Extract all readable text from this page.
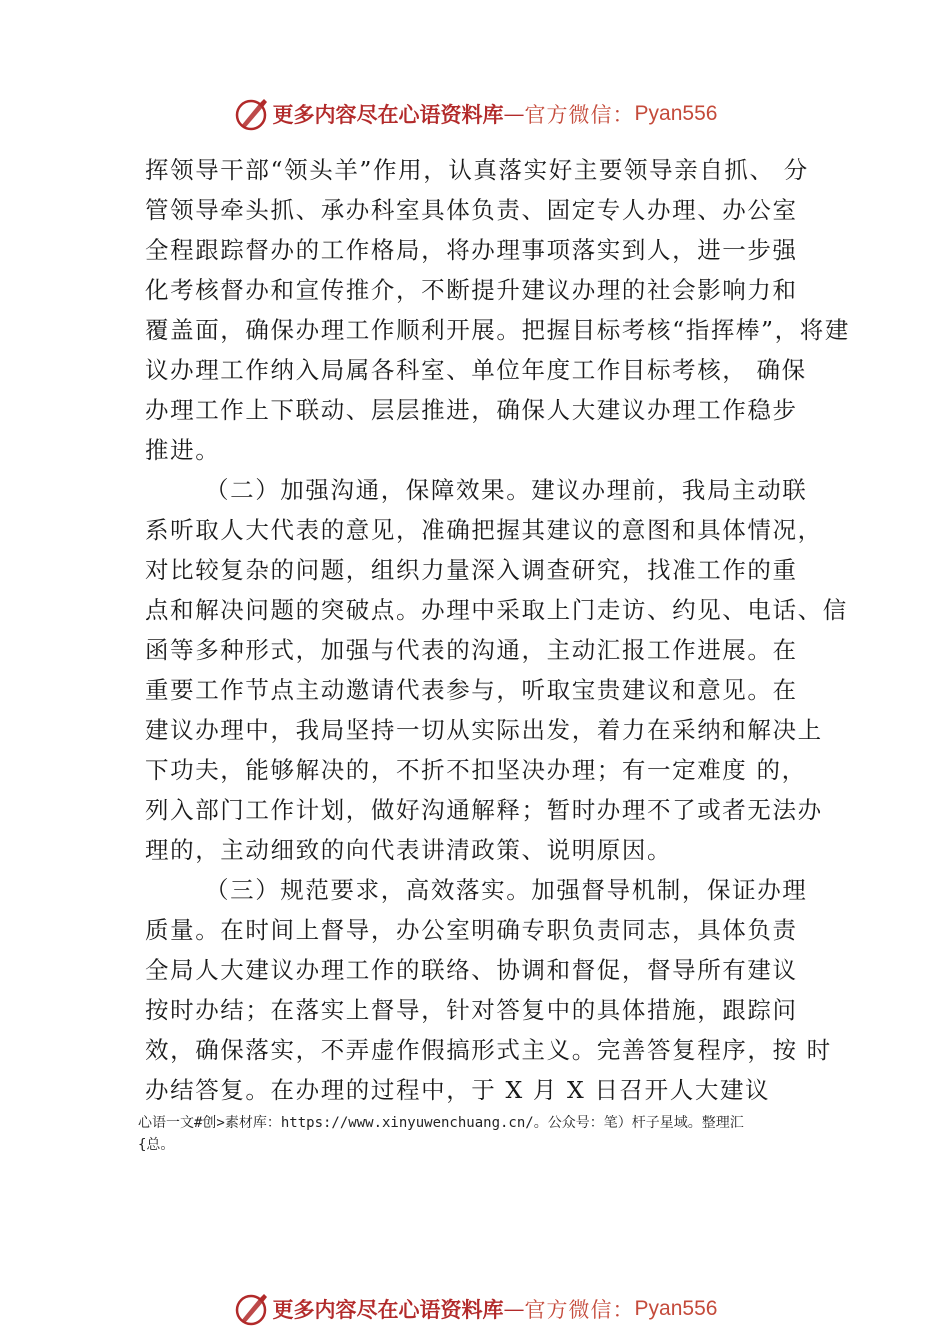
更多内容尽在心语资料库 — 官方微信： Pyan556
挥领导干部“领头羊”作用，认真落实好主要领导亲自抓、 分
管领导牵头抓、承办科室具体负责、固定专人办理、办公室
全程跟踪督办的工作格局，将办理事项落实到人，进一步强
化考核督办和宣传推介，不断提升建议办理的社会影响力和
覆盖面，确保办理工作顺利开展。把握目标考核“指挥棒”，将建
议办理工作纳入局属各科室、单位年度工作目标考核， 确保
办理工作上下联动、层层推进，确保人大建议办理工作稳步
推进。
（二）加强沟通，保障效果。建议办理前，我局主动联
系听取人大代表的意见，准确把握其建议的意图和具体情况，
对比较复杂的问题，组织力量深入调查研究，找准工作的重
点和解决问题的突破点。办理中采取上门走访、约见、电话、信
函等多种形式，加强与代表的沟通，主动汇报工作进展。在
重要工作节点主动邀请代表参与，听取宝贵建议和意见。在
建议办理中，我局坚持一切从实际出发，着力在采纳和解决上
下功夫，能够解决的，不折不扣坚决办理；有一定难度 的，
列入部门工作计划，做好沟通解释；暂时办理不了或者无法办
理的，主动细致的向代表讲清政策、说明原因。
（三）规范要求，高效落实。加强督导机制，保证办理
质量。在时间上督导，办公室明确专职负责同志，具体负责
全局人大建议办理工作的联络、协调和督促，督导所有建议
按时办结；在落实上督导，针对答复中的具体措施，跟踪问
效，确保落实，不弄虚作假搞形式主义。完善答复程序，按 时
办结答复。在办理的过程中，于 X 月 X 日召开人大建议
心语一文#创>素材库：https://www.xinyuwenchuang.cn/。公众号：笔）杆子星域。整理汇
{总。
更多内容尽在心语资料库 — 官方微信： Pyan556
